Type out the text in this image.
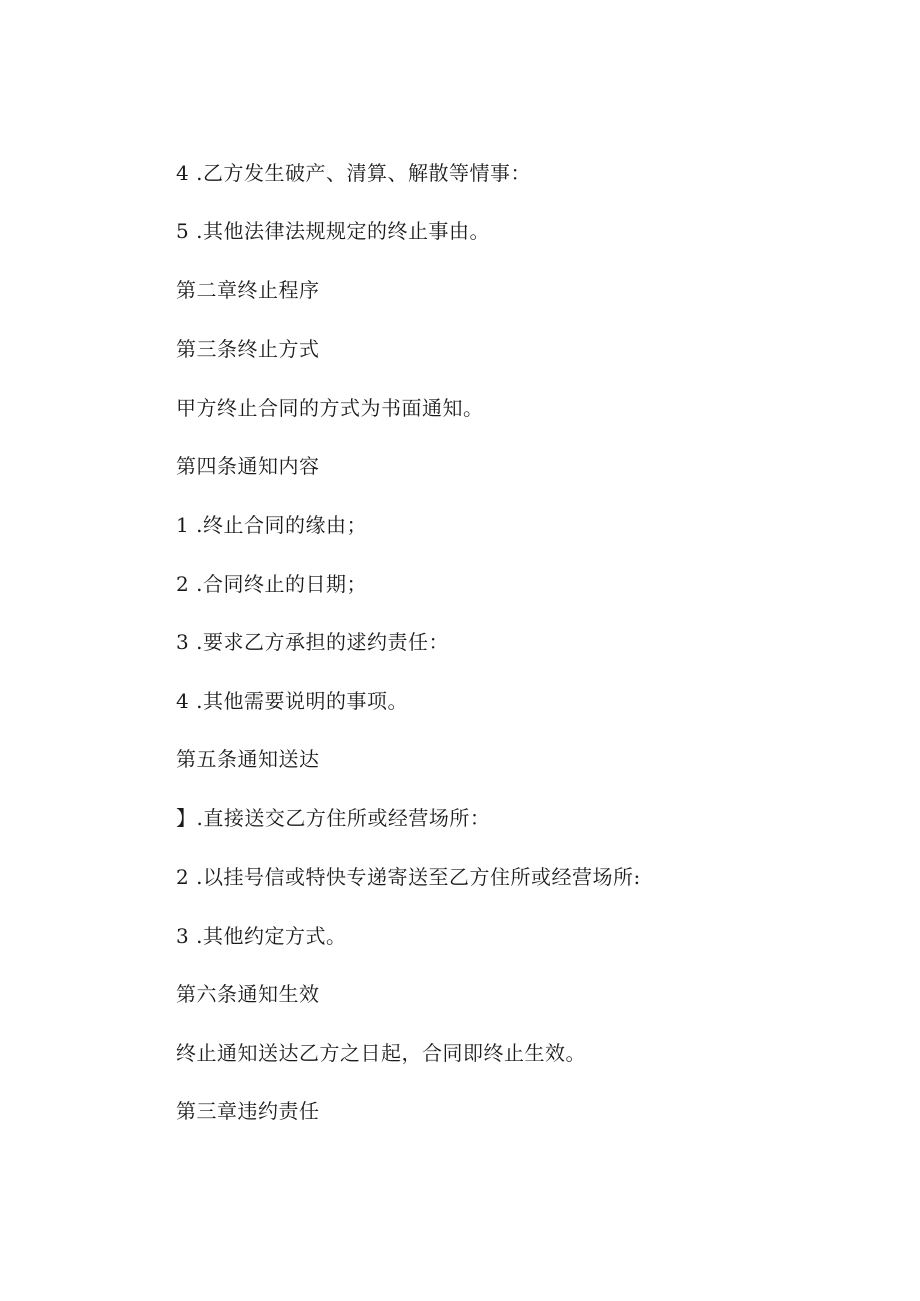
4 .乙方发生破产、清算、解散等情事：
5 .其他法律法规规定的终止事由。
第二章终止程序
第三条终止方式
甲方终止合同的方式为书面通知。
第四条通知内容
1 .终止合同的缘由；
2 .合同终止的日期；
3 .要求乙方承担的逑约责任：
4 .其他需要说明的事项。
第五条通知送达
】.直接送交乙方住所或经营场所：
2 .以挂号信或特快专递寄送至乙方住所或经营场所:
3 .其他约定方式。
第六条通知生效
终止通知送达乙方之日起，合同即终止生效。
第三章违约责任
